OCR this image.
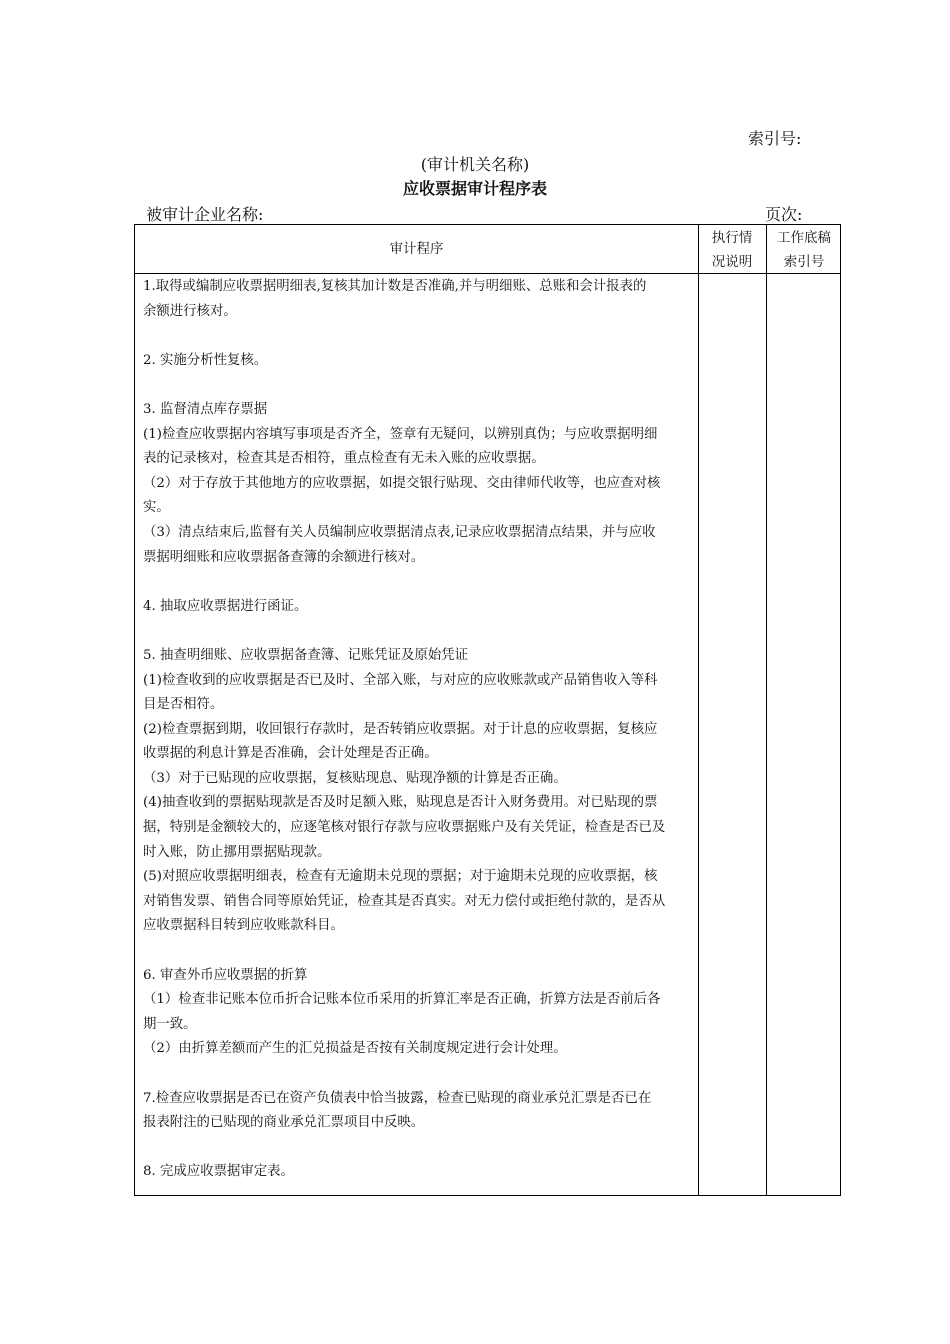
索引号:
(审计机关名称)
应收票据审计程序表
被审计企业名称:	页次:
审计程序
执行情
况说明
工作底稿
索引号
1.取得或编制应收票据明细表,复核其加计数是否准确,并与明细账、总账和会计报表的
余额进行核对。
2. 实施分析性复核。
3. 监督清点库存票据
(1)检查应收票据内容填写事项是否齐全，签章有无疑问，以辨别真伪；与应收票据明细
表的记录核对，检查其是否相符，重点检查有无未入账的应收票据。
（2）对于存放于其他地方的应收票据，如提交银行贴现、交由律师代收等，也应查对核
实。
（3）清点结束后,监督有关人员编制应收票据清点表,记录应收票据清点结果，并与应收
票据明细账和应收票据备查簿的余额进行核对。
4. 抽取应收票据进行函证。
5. 抽查明细账、应收票据备查簿、记账凭证及原始凭证
(1)检查收到的应收票据是否已及时、全部入账，与对应的应收账款或产品销售收入等科
目是否相符。
(2)检查票据到期，收回银行存款时，是否转销应收票据。对于计息的应收票据，复核应
收票据的利息计算是否准确，会计处理是否正确。
（3）对于已贴现的应收票据，复核贴现息、贴现净额的计算是否正确。
(4)抽查收到的票据贴现款是否及时足额入账，贴现息是否计入财务费用。对已贴现的票
据，特别是金额较大的，应逐笔核对银行存款与应收票据账户及有关凭证，检查是否已及
时入账，防止挪用票据贴现款。
(5)对照应收票据明细表，检查有无逾期未兑现的票据；对于逾期未兑现的应收票据，核
对销售发票、销售合同等原始凭证，检查其是否真实。对无力偿付或拒绝付款的，是否从
应收票据科目转到应收账款科目。
6. 审查外币应收票据的折算
（1）检查非记账本位币折合记账本位币采用的折算汇率是否正确，折算方法是否前后各
期一致。
（2）由折算差额而产生的汇兑损益是否按有关制度规定进行会计处理。
7.检查应收票据是否已在资产负债表中恰当披露，检查已贴现的商业承兑汇票是否已在
报表附注的已贴现的商业承兑汇票项目中反映。
8. 完成应收票据审定表。
